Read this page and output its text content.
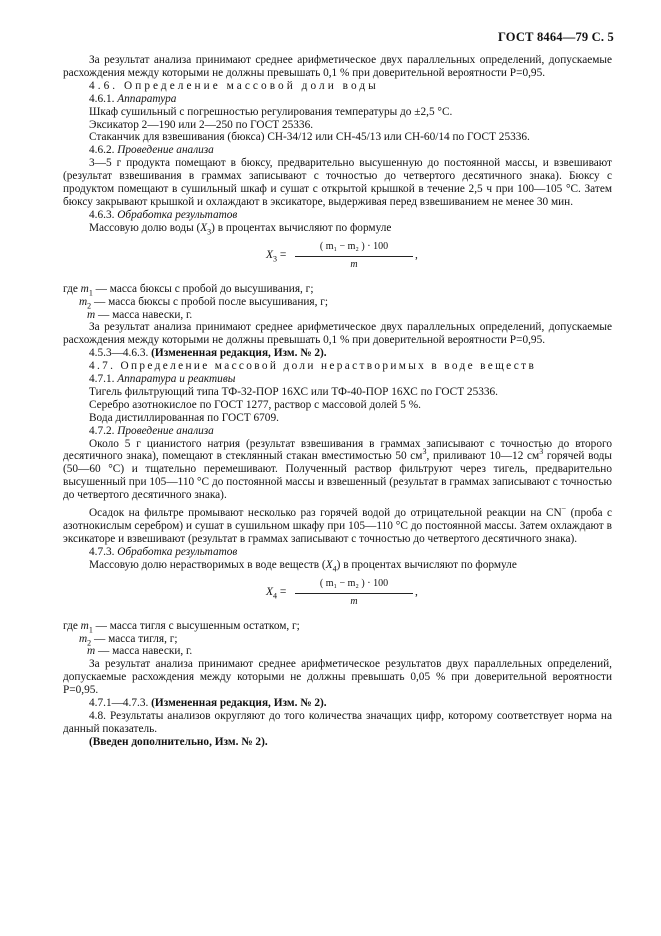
ГОСТ 8464—79 С. 5

За результат анализа принимают среднее арифметическое двух параллельных определений, допускаемые расхождения между которыми не должны превышать 0,1 % при доверительной вероятности Р=0,95.

4.6. Определение массовой доли воды

4.6.1. Аппаратура

Шкаф сушильный с погрешностью регулирования температуры до ±2,5 °С.

Эксикатор 2—190 или 2—250 по ГОСТ 25336.

Стаканчик для взвешивания (бюкса) СН-34/12 или СН-45/13 или СН-60/14 по ГОСТ 25336.

4.6.2. Проведение анализа

3—5 г продукта помещают в бюксу, предварительно высушенную до постоянной массы, и взвешивают (результат взвешивания в граммах записывают с точностью до четвертого десятичного знака). Бюксу с продуктом помещают в сушильный шкаф и сушат с открытой крышкой в течение 2,5 ч при 100—105 °С. Затем бюксу закрывают крышкой и охлаждают в эксикаторе, выдерживая перед взвешиванием не менее 30 мин.

4.6.3. Обработка результатов

Массовую долю воды $(X_3)$ в процентах вычисляют по формуле

$X_3 = \frac{\text{( m₁ − m₂ ) · 100}}{m}$ ,

где $m_1$ — масса бюксы с пробой до высушивания, г;

$m_2$ — масса бюксы с пробой после высушивания, г;

m — масса навески, г.

За результат анализа принимают среднее арифметическое двух параллельных определений, допускаемые расхождения между которыми не должны превышать 0,1 % при доверительной вероятности Р=0,95.

4.5.3—4.6.3. (Измененная редакция, Изм. № 2).

4.7. Определение массовой доли нерастворимых в воде веществ

4.7.1. Аппаратура и реактивы

Тигель фильтрующий типа ТФ-32-ПОР 16ХС или ТФ-40-ПОР 16ХС по ГОСТ 25336.

Серебро азотнокислое по ГОСТ 1277, раствор с массовой долей 5 %.

Вода дистиллированная по ГОСТ 6709.

4.7.2. Проведение анализа

Около 5 г цианистого натрия (результат взвешивания в граммах записывают с точностью до второго десятичного знака), помещают в стеклянный стакан вместимостью 50 $см^3$, приливают 10—12 $см^3$ горячей воды (50—60 °С) и тщательно перемешивают. Полученный раствор фильтруют через тигель, предварительно высушенный при 105—110 °С до постоянной массы и взвешенный (результат в граммах записывают с точностью до четвертого десятичного знака).

Осадок на фильтре промывают несколько раз горячей водой до отрицательной реакции на CN− (проба с азотнокислым серебром) и сушат в сушильном шкафу при 105—110 °С до постоянной массы. Затем охлаждают в эксикаторе и взвешивают (результат в граммах записывают с точностью до четвертого десятичного знака).

4.7.3. Обработка результатов

Массовую долю нерастворимых в воде веществ $(X_4)$ в процентах вычисляют по формуле

$X_4 = \frac{\text{( m₁ − m₂ ) · 100}}{m}$ ,

где $m_1$ — масса тигля с высушенным остатком, г;

$m_2$ — масса тигля, г;

m — масса навески, г.

За результат анализа принимают среднее арифметическое результатов двух параллельных определений, допускаемые расхождения между которыми не должны превышать 0,05 % при доверительной вероятности Р=0,95.

4.7.1—4.7.3. (Измененная редакция, Изм. № 2).

4.8. Результаты анализов округляют до того количества значащих цифр, которому соответствует норма на данный показатель.

(Введен дополнительно, Изм. № 2).
